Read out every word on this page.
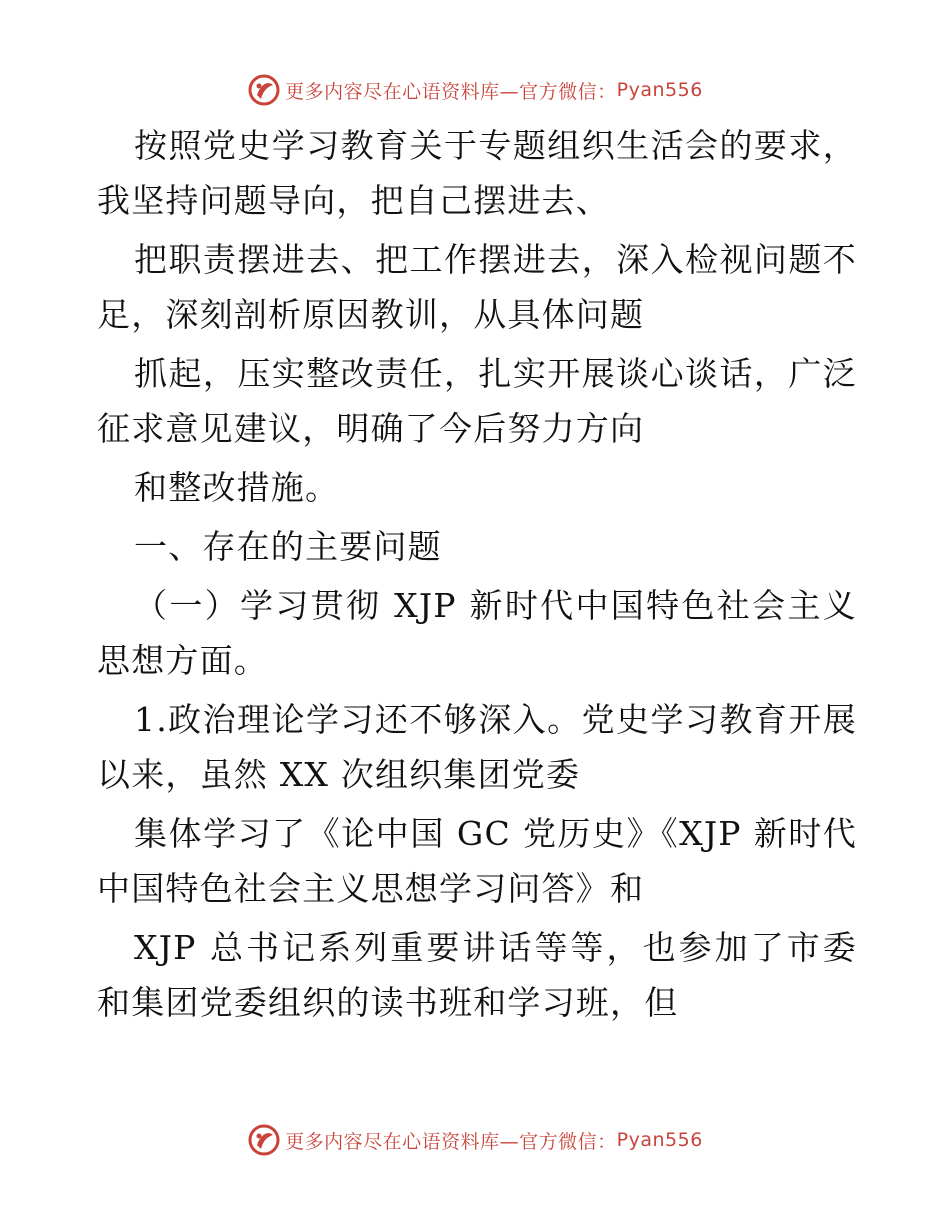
更多内容尽在心语资料库—官方微信： Pyan556

按照党史学习教育关于专题组织生活会的要求，我坚持问题导向，把自己摆进去、

把职责摆进去、把工作摆进去，深入检视问题不足，深刻剖析原因教训，从具体问题

抓起，压实整改责任，扎实开展谈心谈话，广泛征求意见建议，明确了今后努力方向

和整改措施。

一、存在的主要问题

（一）学习贯彻 XJP 新时代中国特色社会主义思想方面。

1.政治理论学习还不够深入。党史学习教育开展以来，虽然 XX 次组织集团党委

集体学习了《论中国 GC 党历史》《XJP 新时代中国特色社会主义思想学习问答》和

XJP 总书记系列重要讲话等等，也参加了市委和集团党委组织的读书班和学习班，但

更多内容尽在心语资料库—官方微信： Pyan556
